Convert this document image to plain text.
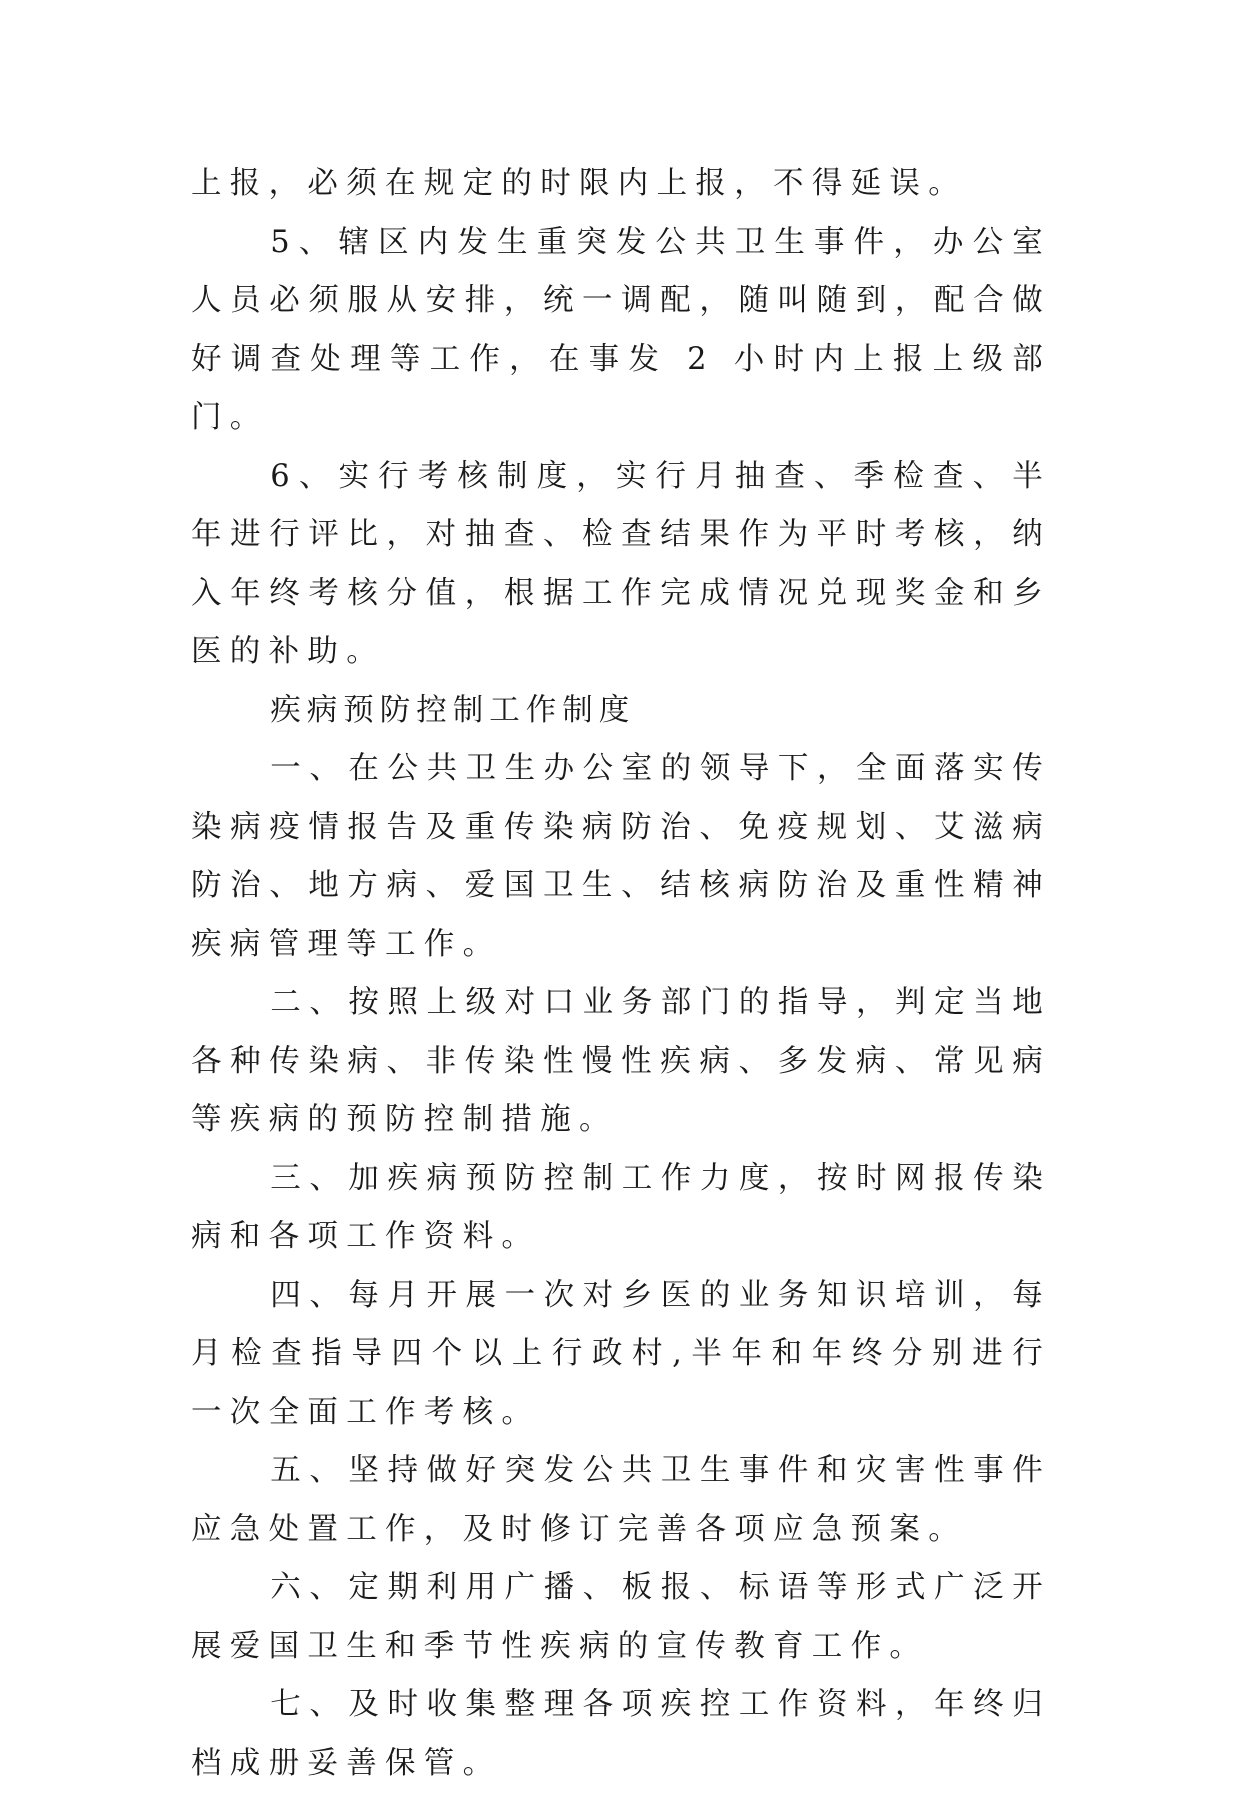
上报，必须在规定的时限内上报，不得延误。

5、辖区内发生重突发公共卫生事件，办公室人员必须服从安排，统一调配，随叫随到，配合做好调查处理等工作，在事发 2 小时内上报上级部门。

6、实行考核制度，实行月抽查、季检查、半年进行评比，对抽查、检查结果作为平时考核，纳入年终考核分值，根据工作完成情况兑现奖金和乡医的补助。

疾病预防控制工作制度

一、在公共卫生办公室的领导下，全面落实传染病疫情报告及重传染病防治、免疫规划、艾滋病防治、地方病、爱国卫生、结核病防治及重性精神疾病管理等工作。

二、按照上级对口业务部门的指导，判定当地各种传染病、非传染性慢性疾病、多发病、常见病等疾病的预防控制措施。

三、加疾病预防控制工作力度，按时网报传染病和各项工作资料。

四、每月开展一次对乡医的业务知识培训，每月检查指导四个以上行政村,半年和年终分别进行一次全面工作考核。

五、坚持做好突发公共卫生事件和灾害性事件应急处置工作，及时修订完善各项应急预案。

六、定期利用广播、板报、标语等形式广泛开展爱国卫生和季节性疾病的宣传教育工作。

七、及时收集整理各项疾控工作资料，年终归档成册妥善保管。
